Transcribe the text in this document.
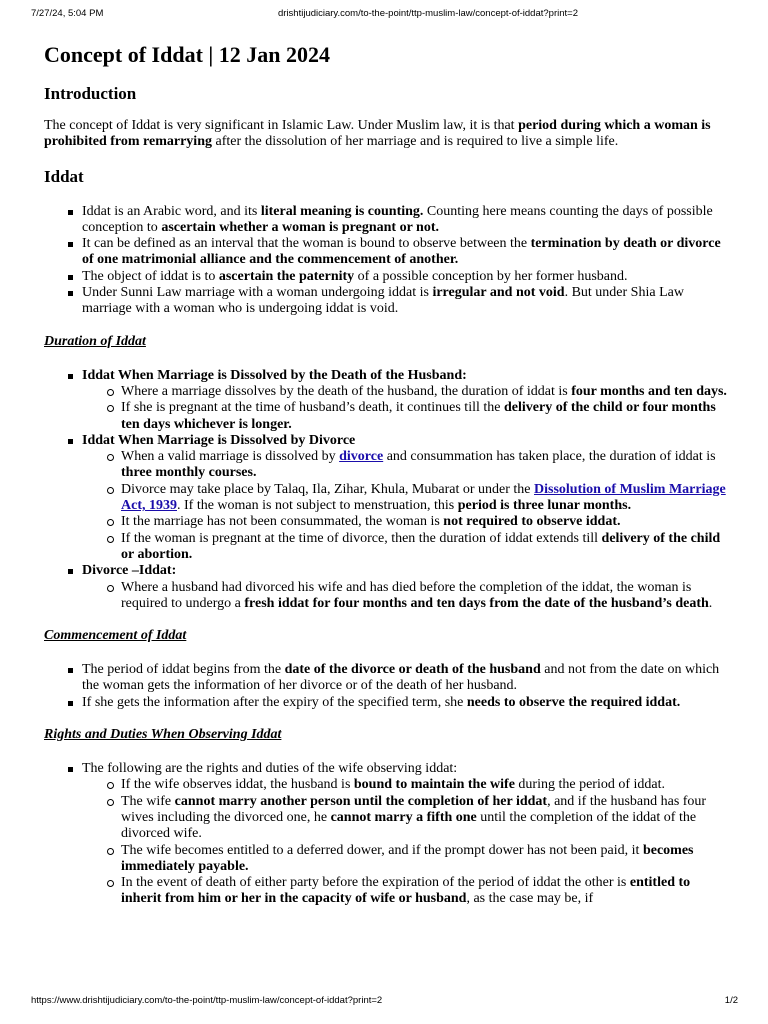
7/27/24, 5:04 PM	drishtijudiciary.com/to-the-point/ttp-muslim-law/concept-of-iddat?print=2
Concept of Iddat | 12 Jan 2024
Introduction

The concept of Iddat is very significant in Islamic Law. Under Muslim law, it is that period during which a woman is prohibited from remarrying after the dissolution of her marriage and is required to live a simple life.

Iddat
Iddat is an Arabic word, and its literal meaning is counting. Counting here means counting the days of possible conception to ascertain whether a woman is pregnant or not.
It can be defined as an interval that the woman is bound to observe between the termination by death or divorce of one matrimonial alliance and the commencement of another.
The object of iddat is to ascertain the paternity of a possible conception by her former husband.
Under Sunni Law marriage with a woman undergoing iddat is irregular and not void. But under Shia Law marriage with a woman who is undergoing iddat is void.

Duration of Iddat

Iddat When Marriage is Dissolved by the Death of the Husband:
Where a marriage dissolves by the death of the husband, the duration of iddat is four months and ten days.
If she is pregnant at the time of husband’s death, it continues till the delivery of the child or four months ten days whichever is longer.
Iddat When Marriage is Dissolved by Divorce
When a valid marriage is dissolved by divorce and consummation has taken place, the duration of iddat is three monthly courses.
Divorce may take place by Talaq, Ila, Zihar, Khula, Mubarat or under the Dissolution of Muslim Marriage Act, 1939. If the woman is not subject to menstruation, this period is three lunar months.
It the marriage has not been consummated, the woman is not required to observe iddat.
If the woman is pregnant at the time of divorce, then the duration of iddat extends till delivery of the child or abortion.
Divorce –Iddat:
Where a husband had divorced his wife and has died before the completion of the iddat, the woman is required to undergo a fresh iddat for four months and ten days from the date of the husband’s death.

Commencement of Iddat

The period of iddat begins from the date of the divorce or death of the husband and not from the date on which the woman gets the information of her divorce or of the death of her husband.
If she gets the information after the expiry of the specified term, she needs to observe the required iddat.

Rights and Duties When Observing Iddat

The following are the rights and duties of the wife observing iddat:
If the wife observes iddat, the husband is bound to maintain the wife during the period of iddat.
The wife cannot marry another person until the completion of her iddat, and if the husband has four wives including the divorced one, he cannot marry a fifth one until the completion of the iddat of the divorced wife.
The wife becomes entitled to a deferred dower, and if the prompt dower has not been paid, it becomes immediately payable.
In the event of death of either party before the expiration of the period of iddat the other is entitled to inherit from him or her in the capacity of wife or husband, as the case may be, if
https://www.drishtijudiciary.com/to-the-point/ttp-muslim-law/concept-of-iddat?print=2	1/2
